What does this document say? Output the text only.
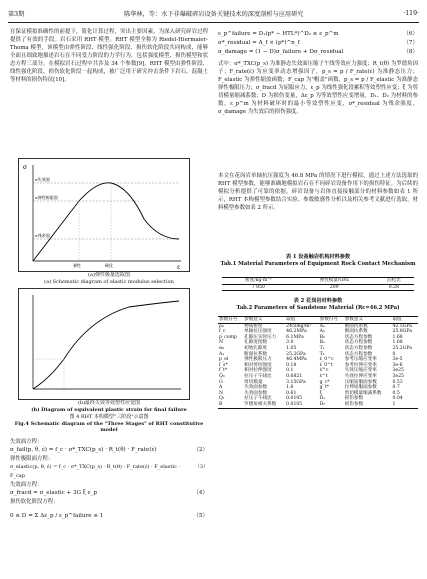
第3期	陈华林，等：水下非爆破碎岩设备关键技术的深度剖析与应用研究	·119·
在保证模拟准确性的前提下，简化计算过程，突出主要因素，为深入研究碎岩过程提供了有效的手段。岩石采用 RHT 模型。RHT 模型全称为 Riedel-Hiermaier-Thoma 模型，该模型由弹性阶段、线性强化阶段、损伤软化阶段共同构成，能够全面且细致地描述岩石在不同受力阶段的力学行为，包括强度模型、损伤模型和状态方程三部分。在模拟岩石过程中共涉及 34 个参数[9]。RHT 模型由弹性阶段、线性强化阶段、损伤软化阶段一起构成，被广泛用于研究冲击条件下岩石、混凝土等材料的损伤特征[10]。
σ
ε
σ失效面
σ弹性极限面
σ残余面
弹性	硬化
(a)弹性极量选取图
(a) Schematic diagram of elastic modulus selection
(b)最终失效等效塑性应变图
(b) Diagram of equivalent plastic strain for final failure
图 4 RHT 本构模型"三阶段"示意图
Fig.4 Schematic diagram of the "Three Stages" of RHT constitutive model
失效面方程：
σ_fail(p, θ, ε̇) = f_c · σ*_TXC(p_s) · R_t(θ) · F_rate(ε̇)	（2）
弹性极限面方程：
σ_elastic(p, θ, ε̇) = f_c · σ*_TXC(p_s) · R_t(θ) · F_rate(ε̇) · F_elastic · F_cap
（3）
失效面方程：
σ_fracd = σ_elastic + 3G ξ ε_p	（4）
损伤软化阶段方程：
0 ≤ D = Σ Δε_p / ε_p^failure ≤ 1	（5）
ε_p^failure = D₁(p* − HTL*)^D₂ ≥ ε_p^m	（6）
σ*_residual = A_f × (p*)^n_f	（7）
σ_damage = (1 − D)σ_failure + Dσ_residual	（8）
式中：σ*_TXC(p_s) 为准静态失效面压缩子午线等效应力强度；R_t(θ) 为罗德角因子；F_rate(ε̇) 为应变率动态增强因子，p_s = p / F_rate(ε̇) 为准静态压力；F_elastic 为弹性缩放函数；F_cap 为"帽盖"函数，p_s = p / F_elastic 为准静态弹性极限压力；σ_fracd 为屈服应力，ε_p 为线性强化段累积等效塑性应变；ξ 为剪切模量缩减系数；D 为损伤变量，Δε_p 为等效塑性应变增量，D₁、D₂ 为材料的参数，ε_p^m 为材料破坏时的最小等效塑性应变，σ*_residual 为残余强度，σ_damage 为失效后的损伤强度。
本文在花岗岩单轴抗压强度为 46.8 MPa 的情况下进行模拟，通过上述方法选取的 RHT 模型参数，能够准确地模拟岩石在不同碎岩设备作用下的损伤特征。为后续的模拟分析提供了可靠的依据。碎岩设备与岩体直接接触部分的材料参数如表 1 所示，RHT 本构模型参数结合实验、参数敏感性分析以及相关参考文献进行选取，材料模型参数如表 2 所示。
表 1 设备触岩机构材料参数
Tab.1 Material Parameters of Equipment Rock Contact Mechanism
密度/kg·m⁻³	弹性模量/GPa	泊松比
7 850	209	0.28
表 2 花岗岩材料参数
Tab.2 Parameters of Sandstone Material (Rc=46.2 MPa)
参数符号	参数意义	取值	参数符号	参数意义	取值
ρ₀	物质密度	2450kg/m³	A₂	断面抗系数	42.5GPa
f_c	单轴抗压强度	46.2MPa	A₃	断面抗系数	25.8GPa
p_comp	孔隙压实时压力	6.1MPa	B₀	状态方程参数	1.68
N	孔隙度指数	3.0	B₁	状态方程参数	1.68
α₀	初始孔隙度	1.05	T₁	状态方程参数	25.2GPa
A₁	断面抗系数	25.2GPa	T₂	状态方程参数	0
p_el	弹性极限压力	46.4MPa	ε̇_0^c	参考压缩应变率	3e-5
f_s*	相对剪切强度	0.18	ε̇_0^t	参考拉伸应变率	3e-6
f_t*	相对拉伸强度	0.1	ε̇^c	失效压缩应变率	3e25
Q₀	拉压子午线比	0.6821	ε̇^t	失效拉伸应变率	3e25
G	剪切模量	3.15GPa	g_c*	压缩屈服面参数	0.53
A	失效面参数	1.6	g_t*	拉伸屈服面参数	0.7
N	失效面参数	0.61	ξ	剪切模量缩减系数	0.5
Q₁	拉压子午线比	0.0105	D₁	损伤参数	0.04
B	罗德角相关系数	0.0105	D₂	损伤参数	1
